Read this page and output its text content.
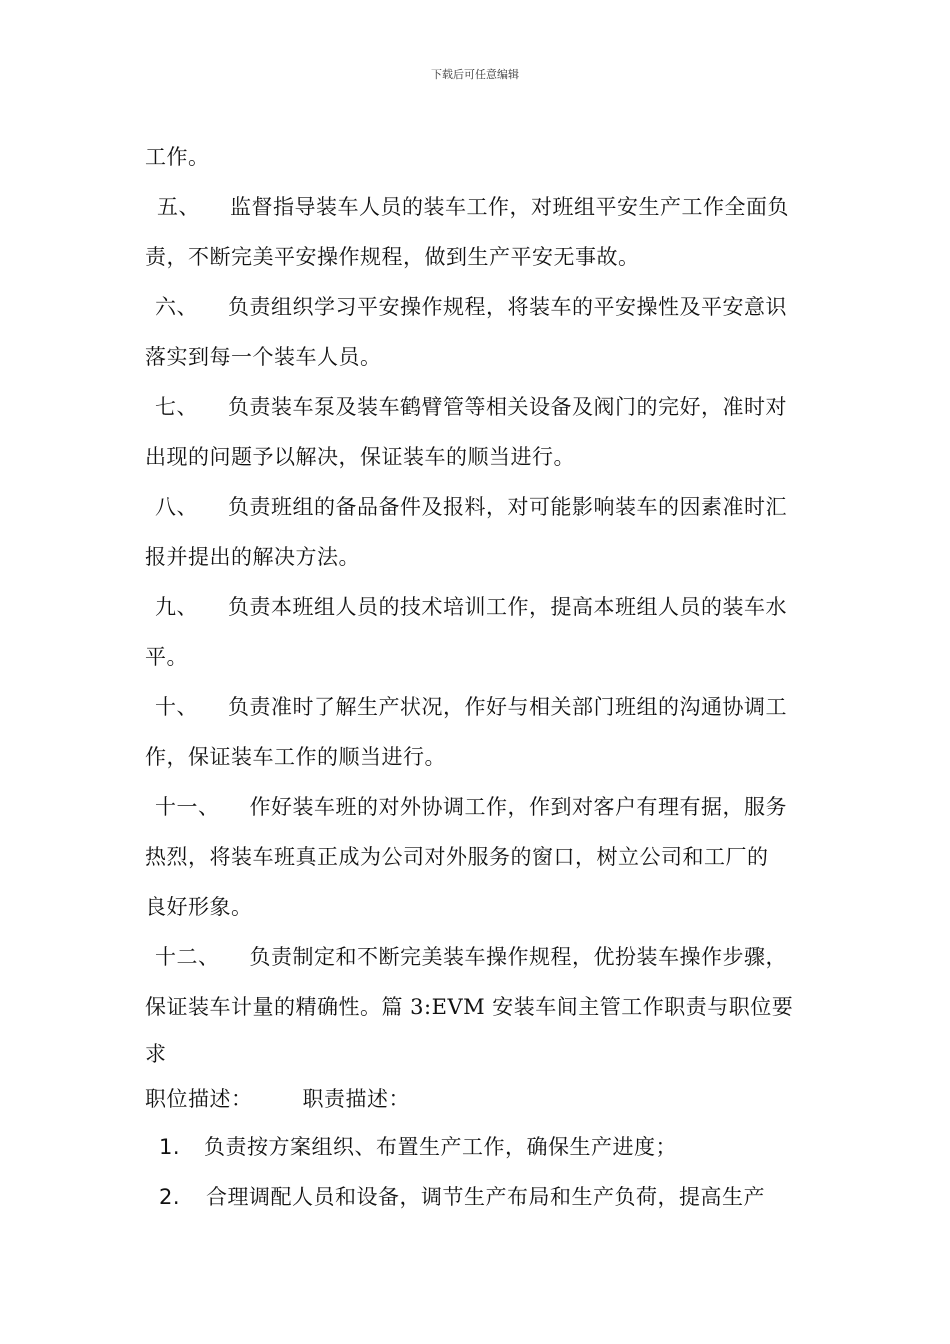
下载后可任意编辑
工作。
五、 监督指导装车人员的装车工作，对班组平安生产工作全面负
责，不断完美平安操作规程，做到生产平安无事故。
六、 负责组织学习平安操作规程，将装车的平安操性及平安意识
落实到每一个装车人员。
七、 负责装车泵及装车鹤臂管等相关设备及阀门的完好，准时对
出现的问题予以解决，保证装车的顺当进行。
八、 负责班组的备品备件及报料，对可能影响装车的因素准时汇
报并提出的解决方法。
九、 负责本班组人员的技术培训工作，提高本班组人员的装车水
平。
十、 负责准时了解生产状况，作好与相关部门班组的沟通协调工
作，保证装车工作的顺当进行。
十一、 作好装车班的对外协调工作，作到对客户有理有据，服务
热烈，将装车班真正成为公司对外服务的窗口，树立公司和工厂的
良好形象。
十二、 负责制定和不断完美装车操作规程，优扮装车操作步骤，
保证装车计量的精确性。篇 3:EVM 安装车间主管工作职责与职位要
求
职位描述： 职责描述：
1. 负责按方案组织、布置生产工作，确保生产进度；
2. 合理调配人员和设备，调节生产布局和生产负荷，提高生产
